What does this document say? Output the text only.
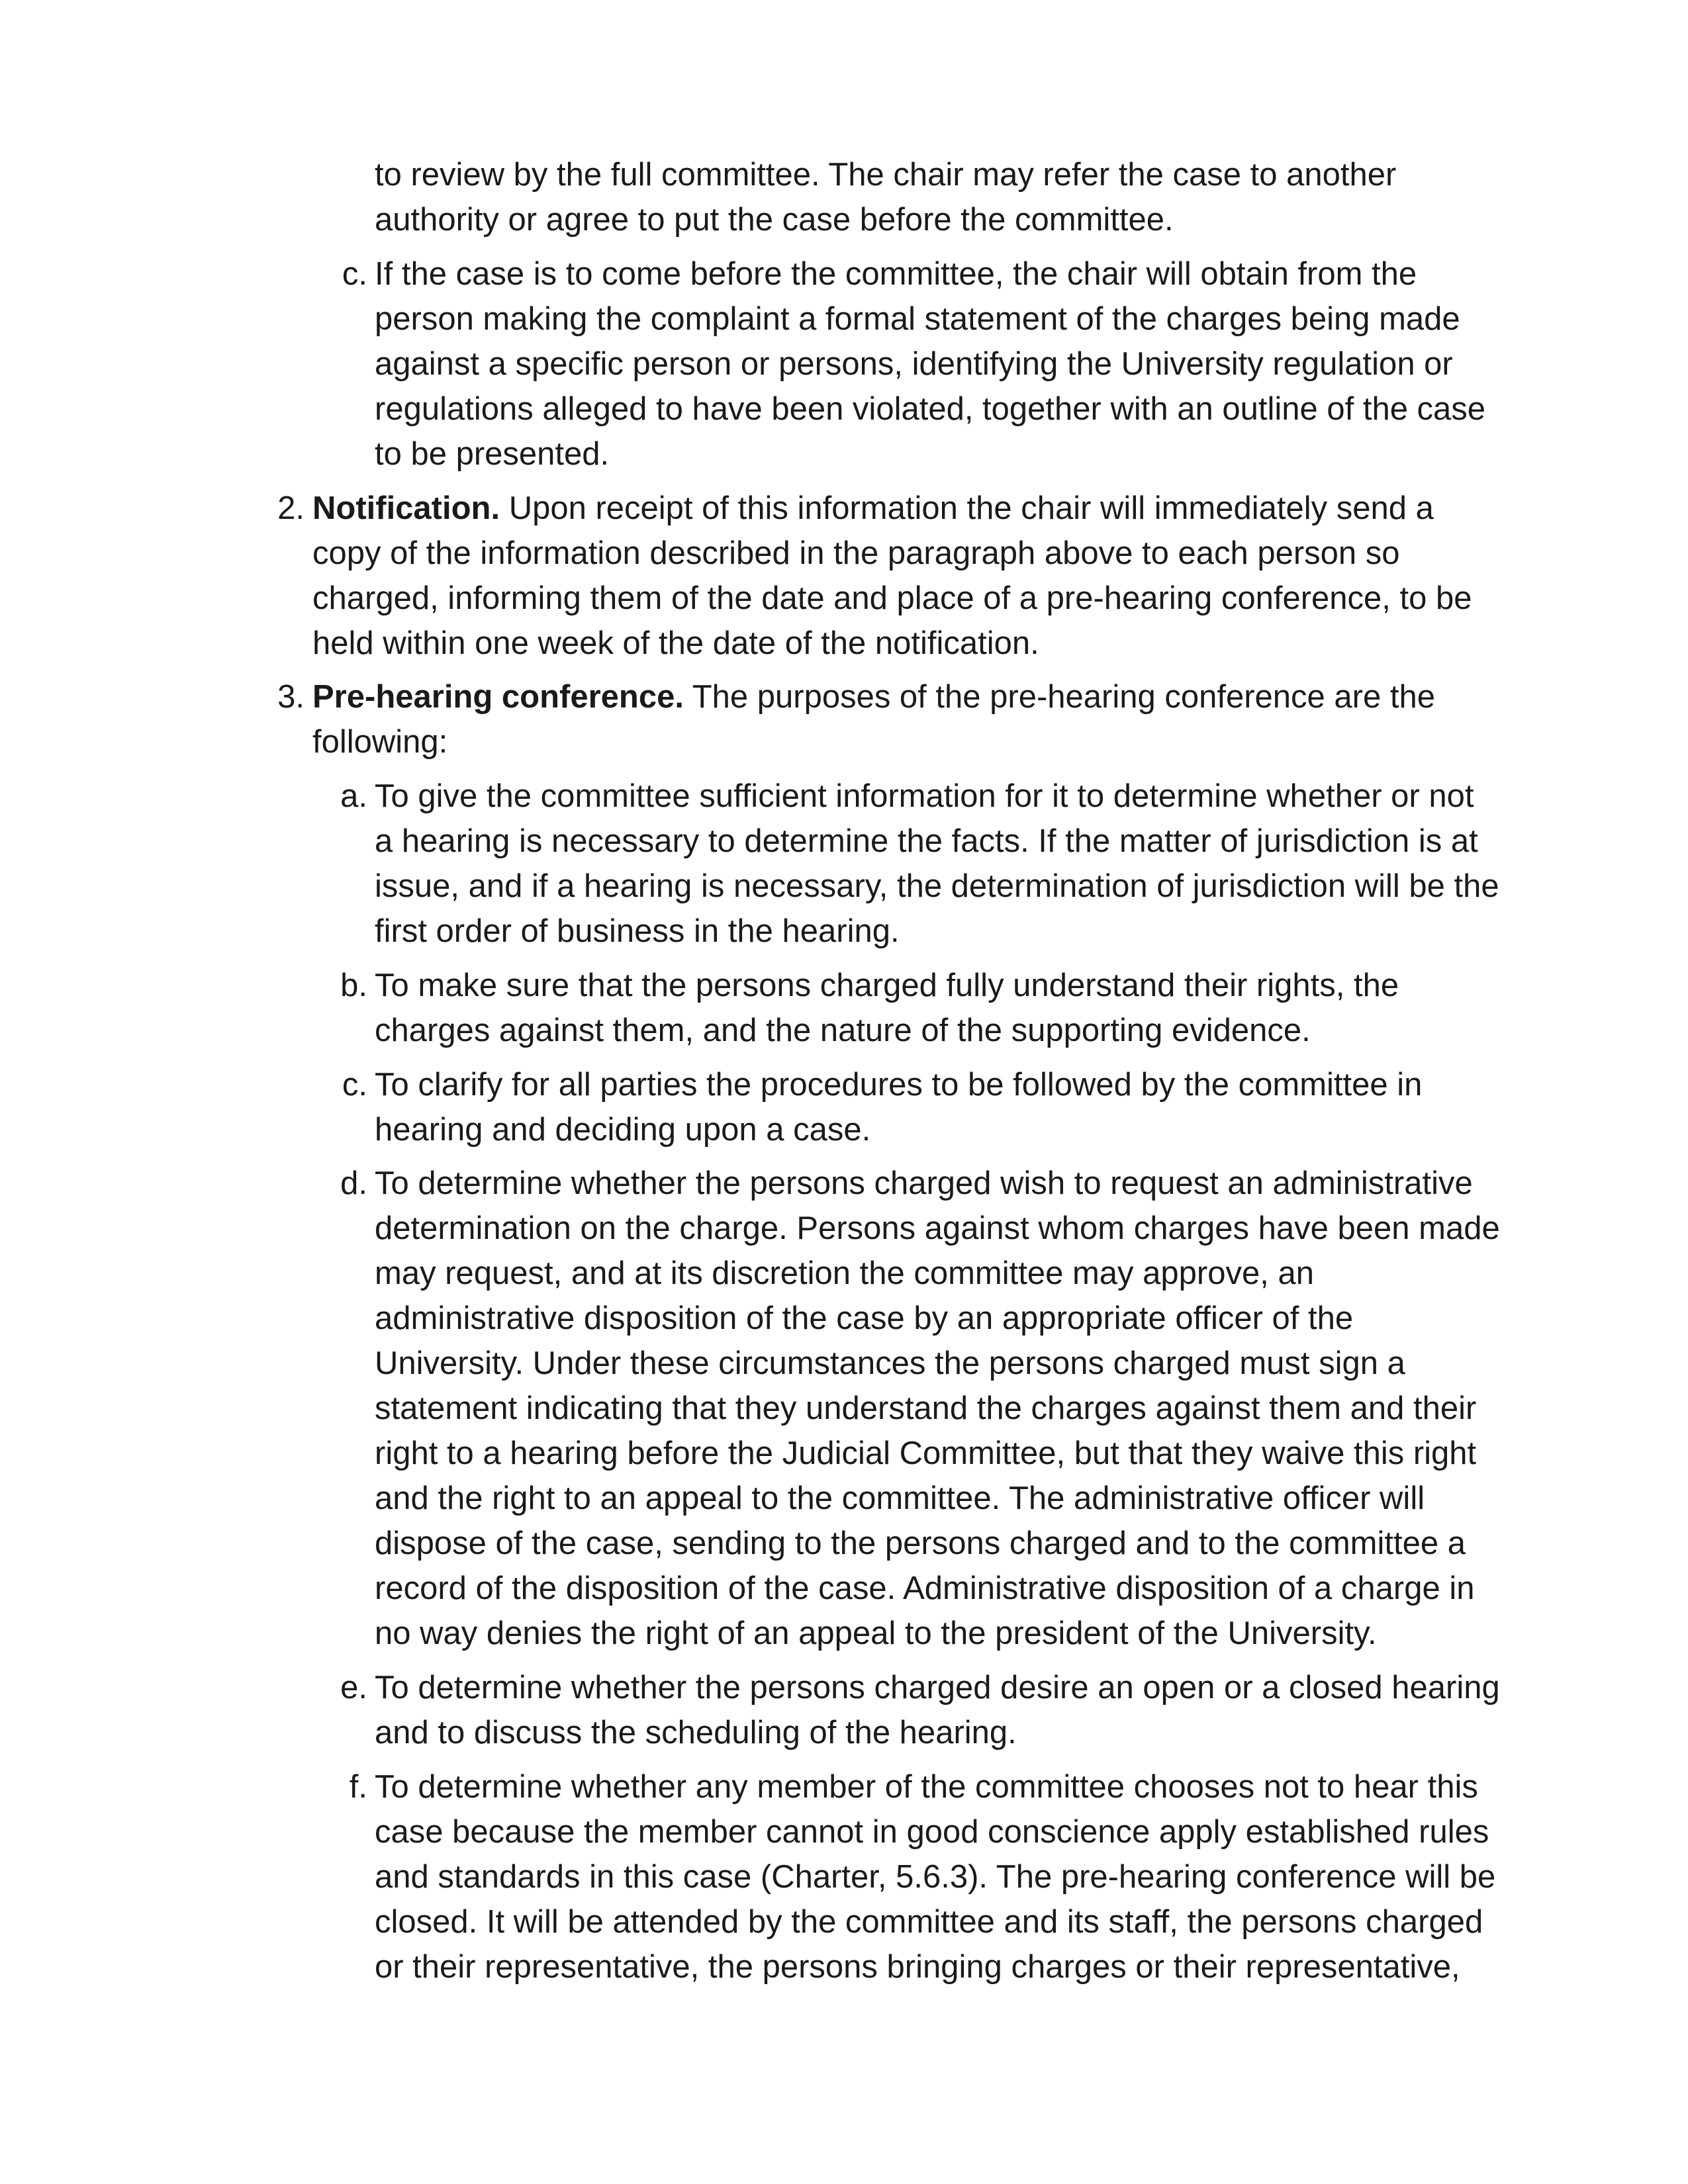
to review by the full committee. The chair may refer the case to another
authority or agree to put the case before the committee.
c. If the case is to come before the committee, the chair will obtain from the
person making the complaint a formal statement of the charges being made
against a specific person or persons, identifying the University regulation or
regulations alleged to have been violated, together with an outline of the case
to be presented.
2. Notification. Upon receipt of this information the chair will immediately send a
copy of the information described in the paragraph above to each person so
charged, informing them of the date and place of a pre-hearing conference, to be
held within one week of the date of the notification.
3. Pre-hearing conference. The purposes of the pre-hearing conference are the
following:
a. To give the committee sufficient information for it to determine whether or not
a hearing is necessary to determine the facts. If the matter of jurisdiction is at
issue, and if a hearing is necessary, the determination of jurisdiction will be the
first order of business in the hearing.
b. To make sure that the persons charged fully understand their rights, the
charges against them, and the nature of the supporting evidence.
c. To clarify for all parties the procedures to be followed by the committee in
hearing and deciding upon a case.
d. To determine whether the persons charged wish to request an administrative
determination on the charge. Persons against whom charges have been made
may request, and at its discretion the committee may approve, an
administrative disposition of the case by an appropriate officer of the
University. Under these circumstances the persons charged must sign a
statement indicating that they understand the charges against them and their
right to a hearing before the Judicial Committee, but that they waive this right
and the right to an appeal to the committee. The administrative officer will
dispose of the case, sending to the persons charged and to the committee a
record of the disposition of the case. Administrative disposition of a charge in
no way denies the right of an appeal to the president of the University.
e. To determine whether the persons charged desire an open or a closed hearing
and to discuss the scheduling of the hearing.
f. To determine whether any member of the committee chooses not to hear this
case because the member cannot in good conscience apply established rules
and standards in this case (Charter, 5.6.3). The pre-hearing conference will be
closed. It will be attended by the committee and its staff, the persons charged
or their representative, the persons bringing charges or their representative,
